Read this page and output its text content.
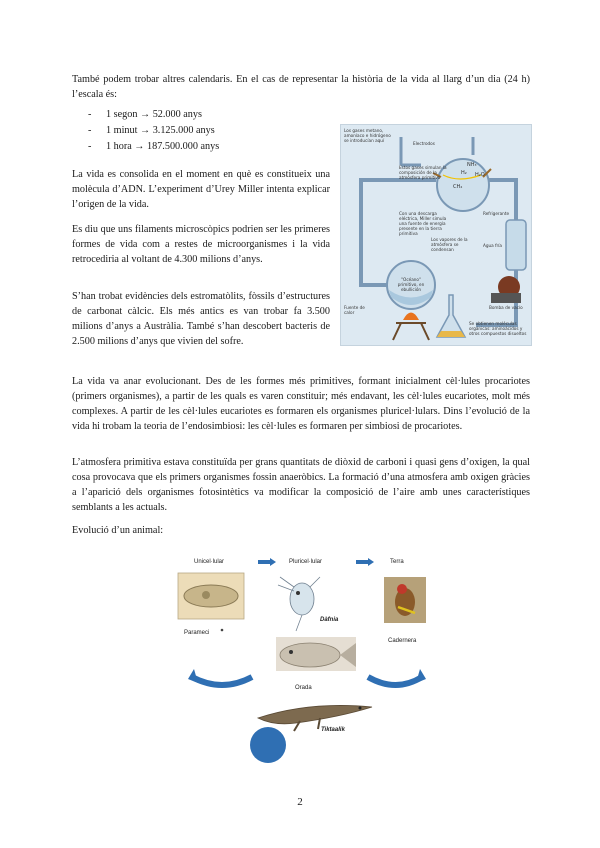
També podem trobar altres calendaris. En el cas de representar la història de la vida al llarg d’un dia (24 h) l’escala és:

- 1 segon → 52.000 anys
- 1 minut → 3.125.000 anys
- 1 hora → 187.500.000 anys

La vida es consolida en el moment en què es constitueix una molècula d’ADN. L’experiment d’Urey Miller intenta explicar l’origen de la vida.

Es diu que uns filaments microscòpics podrien ser les primeres formes de vida com a restes de microorganismes i la vida retrocediria al voltant de 4.300 milions d’anys.

S’han trobat evidències dels estromatòlits, fòssils d’estructures de carbonat càlcic. Els més antics es van trobar fa 3.500 milions d’anys a Austràlia. També s’han descobert bacteris de 2.500 milions d’anys que vivien del sofre.

Los gases metano, amoníaco e hidrógeno se introducían aquí
Electrodos
Estos gases simulan la composición de la atmósfera primitiva
NH₃
H₂ H₂O
CH₄
Con una descarga eléctrica, Miller simula una fuente de energía presente en la tierra primitiva
Refrigerante
Los vapores de la atmósfera se condensan
Agua fría
"Océano" primitivo, en ebullición
Bomba de vacío
Fuente de calor
Se obtienen moléculas orgánicas: aminoácidos y otros compuestos disueltos

La vida va anar evolucionant. Des de les formes més primitives, formant inicialment cèl·lules procariotes (primers organismes), a partir de les quals es varen constituir; més endavant, les cèl·lules eucariotes, molt més complexes. A partir de les cèl·lules eucariotes es formaren els organismes pluricel·lulars. Dins l’evolució de la vida hi trobam la teoria de l’endosimbiosi: les cèl·lules es formaren per simbiosi de procariotes.

L’atmosfera primitiva estava constituïda per grans quantitats de diòxid de carboni i quasi gens d’oxigen, la qual cosa provocava que els primers organismes fossin anaeròbics. La formació d’una atmosfera amb oxigen gràcies a l’aparició dels organismes fotosintètics va modificar la composició de l’aire amb unes característiques semblants a les actuals.

Evolució d’un animal:

Unicel·lular	Pluricel·lular	Terra
Parameci
Dàfnia
Orada
Cadernera
Tiktaalik
2
